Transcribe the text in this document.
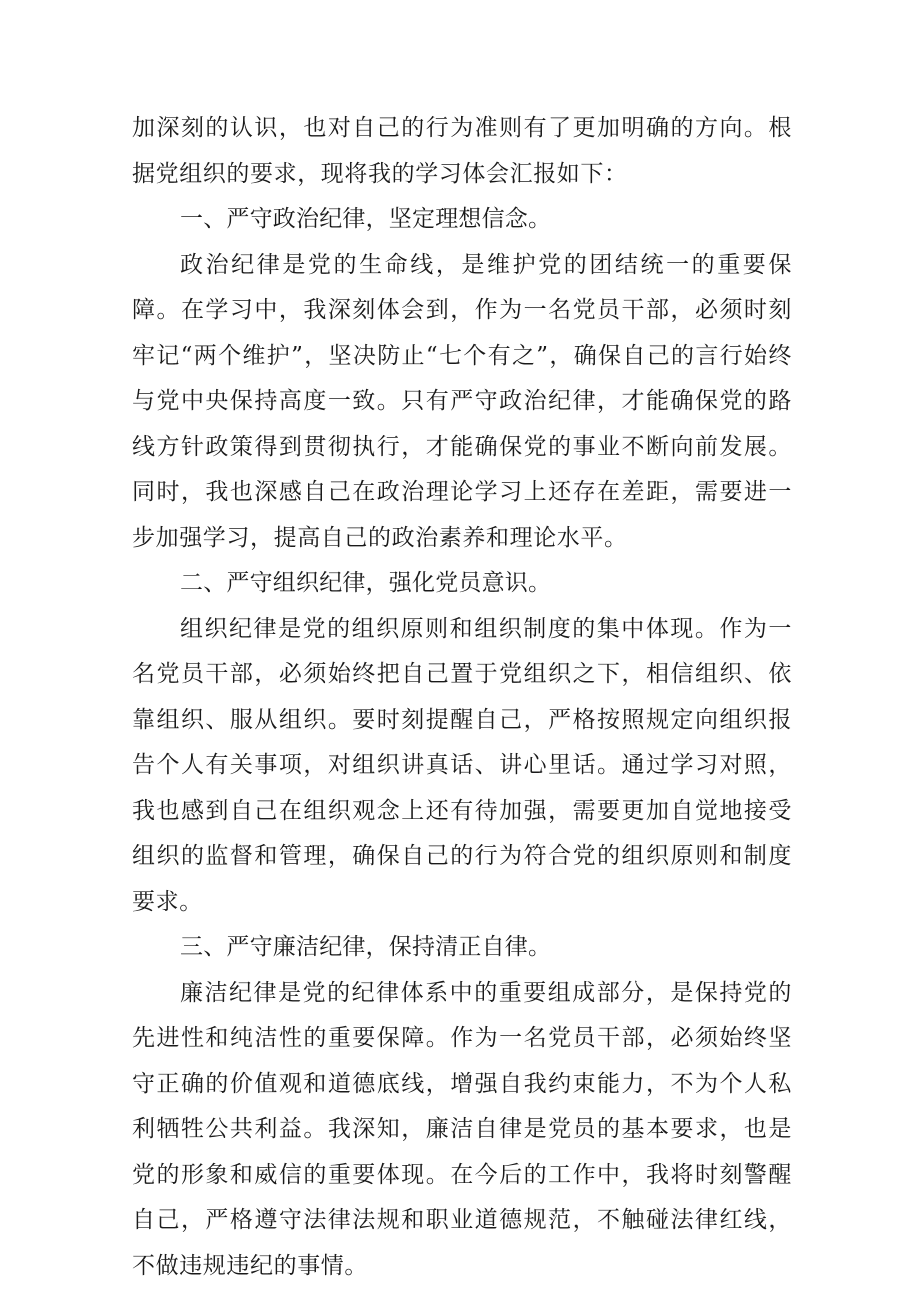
加深刻的认识，也对自己的行为准则有了更加明确的方向。根据党组织的要求，现将我的学习体会汇报如下：

一、严守政治纪律，坚定理想信念。

政治纪律是党的生命线，是维护党的团结统一的重要保障。在学习中，我深刻体会到，作为一名党员干部，必须时刻牢记“两个维护”，坚决防止“七个有之”，确保自己的言行始终与党中央保持高度一致。只有严守政治纪律，才能确保党的路线方针政策得到贯彻执行，才能确保党的事业不断向前发展。同时，我也深感自己在政治理论学习上还存在差距，需要进一步加强学习，提高自己的政治素养和理论水平。

二、严守组织纪律，强化党员意识。

组织纪律是党的组织原则和组织制度的集中体现。作为一名党员干部，必须始终把自己置于党组织之下，相信组织、依靠组织、服从组织。要时刻提醒自己，严格按照规定向组织报告个人有关事项，对组织讲真话、讲心里话。通过学习对照，我也感到自己在组织观念上还有待加强，需要更加自觉地接受组织的监督和管理，确保自己的行为符合党的组织原则和制度要求。

三、严守廉洁纪律，保持清正自律。

廉洁纪律是党的纪律体系中的重要组成部分，是保持党的先进性和纯洁性的重要保障。作为一名党员干部，必须始终坚守正确的价值观和道德底线，增强自我约束能力，不为个人私利牺牲公共利益。我深知，廉洁自律是党员的基本要求，也是党的形象和威信的重要体现。在今后的工作中，我将时刻警醒自己，严格遵守法律法规和职业道德规范，不触碰法律红线，不做违规违纪的事情。
